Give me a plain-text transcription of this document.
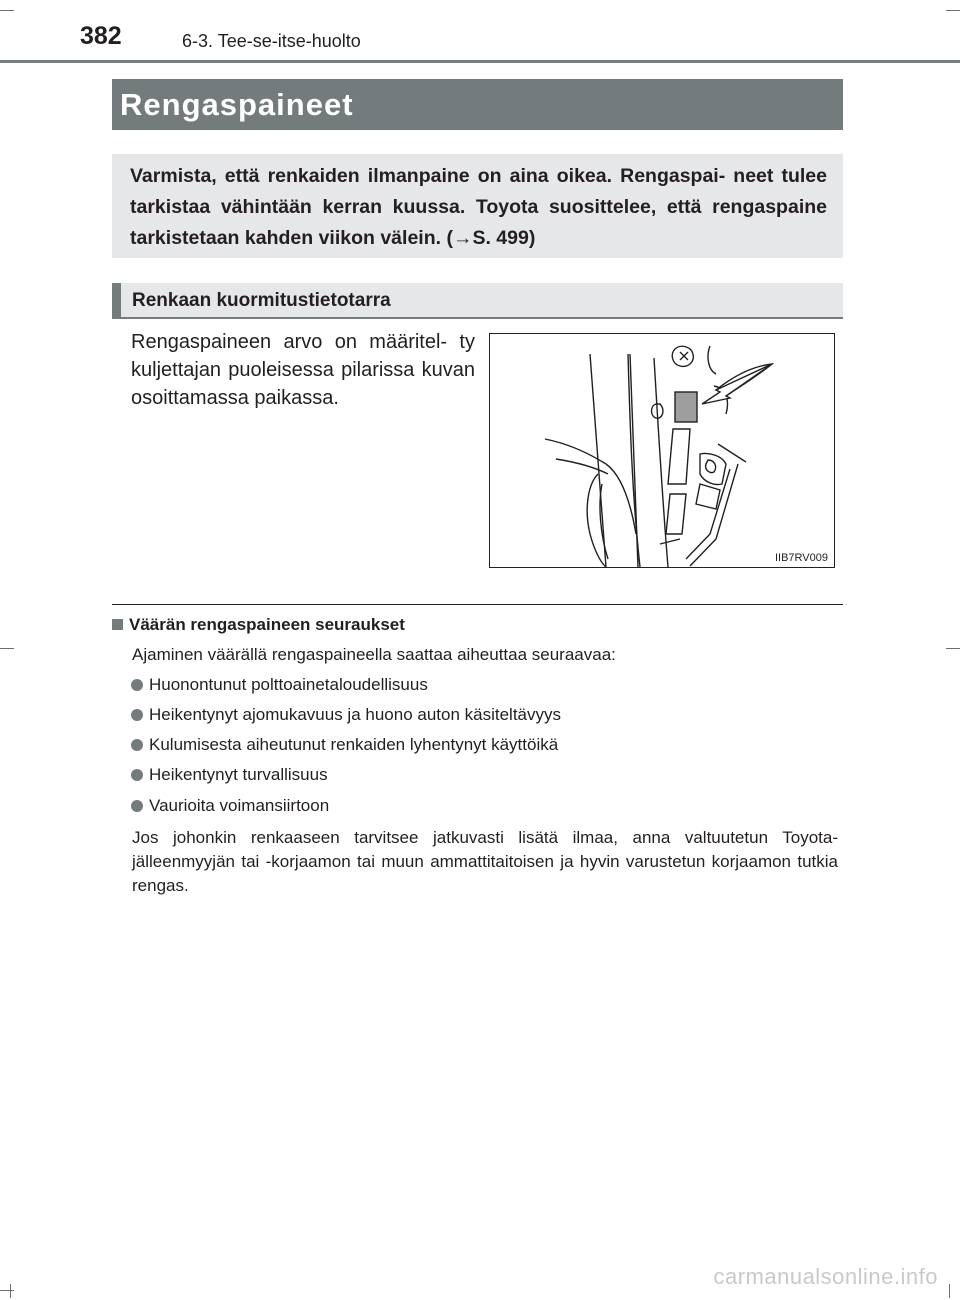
382	6-3. Tee-se-itse-huolto
Rengaspaineet

Varmista, että renkaiden ilmanpaine on aina oikea. Rengaspai- neet tulee tarkistaa vähintään kerran kuussa. Toyota suosittelee, että rengaspaine tarkistetaan kahden viikon välein. (→S. 499)

Renkaan kuormitustietotarra

Rengaspaineen arvo on määritel- ty kuljettajan puoleisessa pilarissa kuvan osoittamassa paikassa.

IIB7RV009
Väärän rengaspaineen seuraukset

Ajaminen väärällä rengaspaineella saattaa aiheuttaa seuraavaa:

Huonontunut polttoainetaloudellisuus
Heikentynyt ajomukavuus ja huono auton käsiteltävyys
Kulumisesta aiheutunut renkaiden lyhentynyt käyttöikä
Heikentynyt turvallisuus
Vaurioita voimansiirtoon

Jos johonkin renkaaseen tarvitsee jatkuvasti lisätä ilmaa, anna valtuutetun Toyota-jälleenmyyjän tai -korjaamon tai muun ammattitaitoisen ja hyvin varustetun korjaamon tutkia rengas.

carmanualsonline.info
